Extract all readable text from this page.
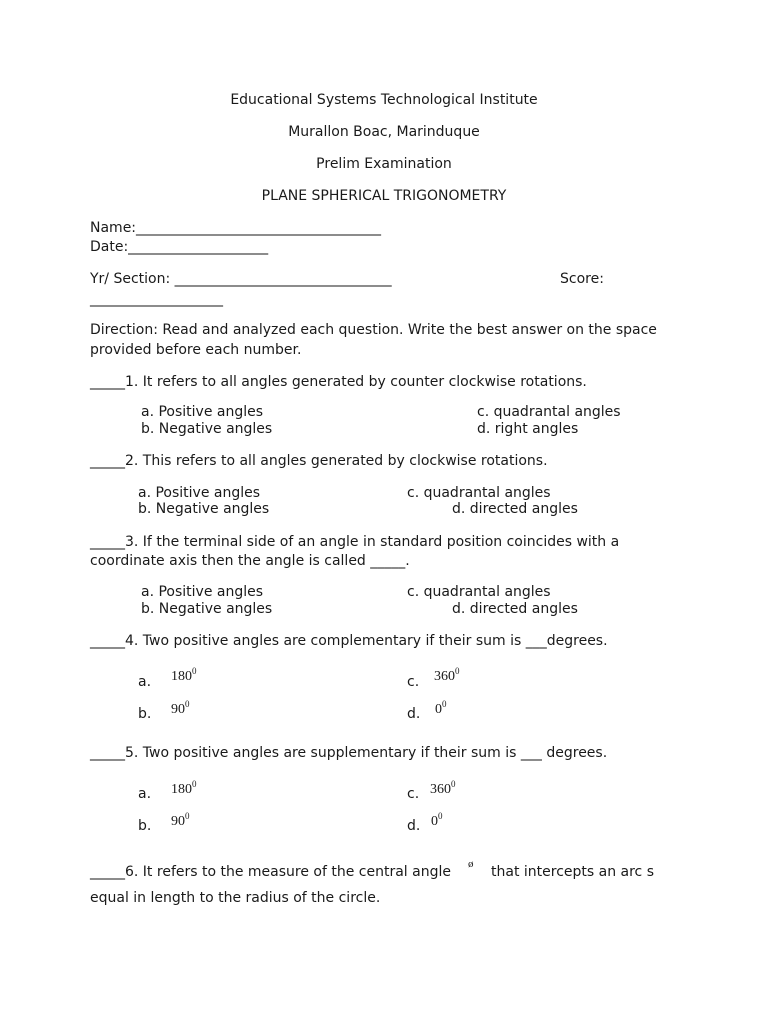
Educational Systems Technological Institute
Murallon Boac, Marinduque
Prelim Examination
PLANE SPHERICAL TRIGONOMETRY
Name:___________________________________
Date:____________________
Yr/ Section: _______________________________	Score:
___________________
Direction: Read and analyzed each question. Write the best answer on the space
provided before each number.
_____1. It refers to all angles generated by counter clockwise rotations.
a. Positive angles
b. Negative angles
c. quadrantal angles
d. right angles
_____2. This refers to all angles generated by clockwise rotations.
a. Positive angles
b. Negative angles
c. quadrantal angles
d. directed angles
_____3. If the terminal side of an angle in standard position coincides with a
coordinate axis then the angle is called _____.
a. Positive angles
b. Negative angles
c. quadrantal angles
d. directed angles
_____4. Two positive angles are complementary if their sum is ___degrees.
a. $180^0$
b. $90^0$
c. $360^0$
d. $0^0$
_____5. Two positive angles are supplementary if their sum is ___ degrees.
a. $180^0$
b. $90^0$
c. $360^0$
d. $0^0$
_____6. It refers to the measure of the central angle ø that intercepts an arc s
equal in length to the radius of the circle.
